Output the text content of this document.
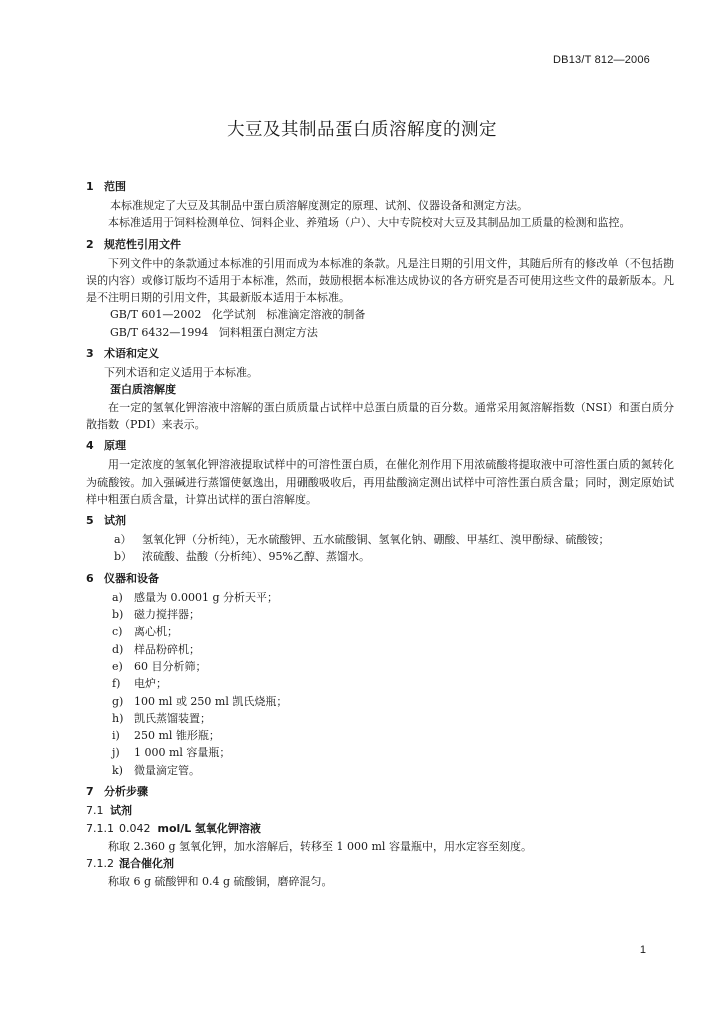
DB13/T 812—2006
大豆及其制品蛋白质溶解度的测定
1 范围

本标准规定了大豆及其制品中蛋白质溶解度测定的原理、试剂、仪器设备和测定方法。

本标准适用于饲料检测单位、饲料企业、养殖场（户）、大中专院校对大豆及其制品加工质量的检测和监控。

2 规范性引用文件

下列文件中的条款通过本标准的引用而成为本标准的条款。凡是注日期的引用文件，其随后所有的修改单（不包括勘误的内容）或修订版均不适用于本标准，然而，鼓励根据本标准达成协议的各方研究是否可使用这些文件的最新版本。凡是不注明日期的引用文件，其最新版本适用于本标准。

GB/T 601—2002   化学试剂   标准滴定溶液的制备
GB/T 6432—1994   饲料粗蛋白测定方法
3 术语和定义

下列术语和定义适用于本标准。

蛋白质溶解度

在一定的氢氧化钾溶液中溶解的蛋白质质量占试样中总蛋白质量的百分数。通常采用氮溶解指数（NSI）和蛋白质分散指数（PDI）来表示。

4 原理

用一定浓度的氢氧化钾溶液提取试样中的可溶性蛋白质，在催化剂作用下用浓硫酸将提取液中可溶性蛋白质的氮转化为硫酸铵。加入强碱进行蒸馏使氨逸出，用硼酸吸收后，再用盐酸滴定测出试样中可溶性蛋白质含量；同时，测定原始试样中粗蛋白质含量，计算出试样的蛋白溶解度。

5 试剂
a） 氢氧化钾（分析纯），无水硫酸钾、五水硫酸铜、氢氧化钠、硼酸、甲基红、溴甲酚绿、硫酸铵；
b） 浓硫酸、盐酸（分析纯）、95%乙醇、蒸馏水。
6 仪器和设备
a) 感量为 0.0001 g 分析天平；
b) 磁力搅拌器；
c) 离心机；
d) 样品粉碎机；
e) 60 目分析筛；
f) 电炉；
g) 100 ml 或 250 ml 凯氏烧瓶；
h) 凯氏蒸馏装置；
i) 250 ml 锥形瓶；
j) 1 000 ml 容量瓶；
k) 微量滴定管。
7 分析步骤
7.1 试剂
7.1.1 0.042 mol/L 氢氧化钾溶液

称取 2.360 g 氢氧化钾，加水溶解后，转移至 1 000 ml 容量瓶中，用水定容至刻度。

7.1.2 混合催化剂

称取 6 g 硫酸钾和 0.4 g 硫酸铜，磨碎混匀。

1
